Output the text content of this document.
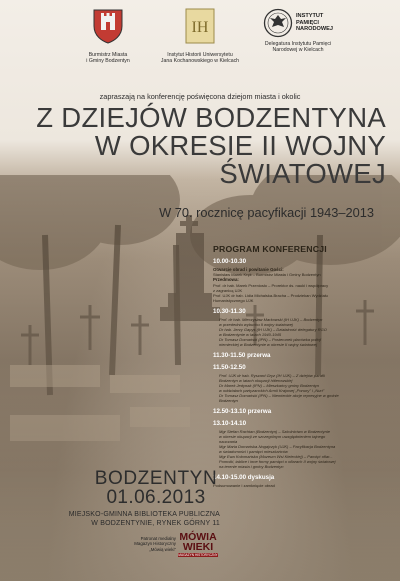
Burmistrz Miasta
i Gminy Bodzentyn
IH
Instytut Historii Uniwersytetu
Jana Kochanowskiego w Kielcach
INSTYTUT
PAMIĘCI
NARODOWEJ
Delegatura Instytutu Pamięci
Narodowej w Kielcach
zapraszają na konferencję poświęcona dziejom miasta i okolic
Z DZIEJÓW BODZENTYNA
W OKRESIE II WOJNY
ŚWIATOWEJ
W 70. rocznicę pacyfikacji 1943–2013
PROGRAM KONFERENCJI
10.00-10.30
Otwarcie obrad i powitanie Gości:
Stanisław Marek Kręk – Burmistrz Miasta i Gminy Bodzentyn
Przedmowa:
Prof. dr hab. Marek Przeniosło – Prorektor ds. nauki i współpracy
z zagranicą UJK
Prof. UJK dr hab. Lidia Michalska-Bracha – Prodziekan Wydziału
Humanistycznego UJK
10.30-11.30
Prof. dr hab. Mieczysław Markowski (IH UJK) – Bodzentyn
w przededniu wybuchu II wojny światowej
Dr hab. Jerzy Gapys (IH UJK) – Działalność delegatury RGO
w Bodzentynie w latach 1940-1945
Dr Tomasz Domański (IPN) – Posterunek placówka policji
niemieckiej w Bodzentynie w okresie II wojny światowej
11.30-11.50 przerwa
11.50-12.50
Prof. UJK dr hab. Ryszard Gryz (IH UJK) – Z dziejów parafii
Bodzentyn w latach okupacji hitlerowskiej
Dr Marek Jedynak (IPN) – Mieszkańcy gminy Bodzentyn
w oddziałach partyzanckich Armii Krajowej „Ponury" i „Nurt"
Dr Tomasz Domański (IPN) – Niemieckie akcje represyjne w gminie
Bodzentyn
12.50-13.10 przerwa
13.10-14.10
Mgr Stefan Rachtan (Bodzentyn) – Szkolnictwo w Bodzentynie
w okresie okupacji ze szczególnym uwzględnieniem tajnego
nauczania
Mgr Maria Domańska-Nogajczyk (UJK) – Pacyfikacja Bodzentyna
w świadomości i pamięci mieszkańców
Mgr Ewa Kołomańska (Muzeum Wsi Kieleckiej) – Pamięć ofiar...
Pomniki, tablice i inne formy pamięci o ofiarach II wojny światowej
na terenie miasta i gminy Bodzentyn
14.10-15.00 dyskusja
Podsumowanie i zamknięcie obrad
BODZENTYN
01.06.2013
MIEJSKO-GMINNA BIBLIOTEKA PUBLICZNA
W BODZENTYNIE, RYNEK GÓRNY 11
Patronat medialny
Magazyn Historyczny
„Mówią wieki"
MÓWIA
WIEKI
MAGAZYN HISTORYCZNY
